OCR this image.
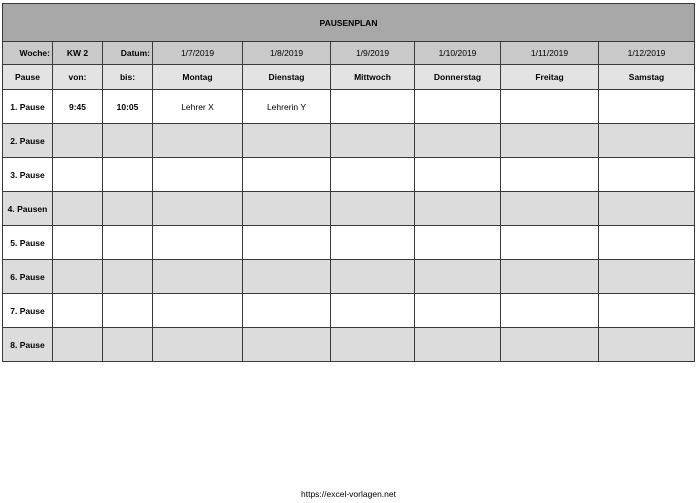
PAUSENPLAN								
Woche:	KW 2	Datum:	1/7/2019	1/8/2019	1/9/2019	1/10/2019	1/11/2019	1/12/2019
Pause	von:	bis:	Montag	Dienstag	Mittwoch	Donnerstag	Freitag	Samstag
1. Pause	9:45	10:05	Lehrer X	Lehrerin Y				
2. Pause								
3. Pause								
4. Pausen								
5. Pause								
6. Pause								
7. Pause								
8. Pause								
https://excel-vorlagen.net
